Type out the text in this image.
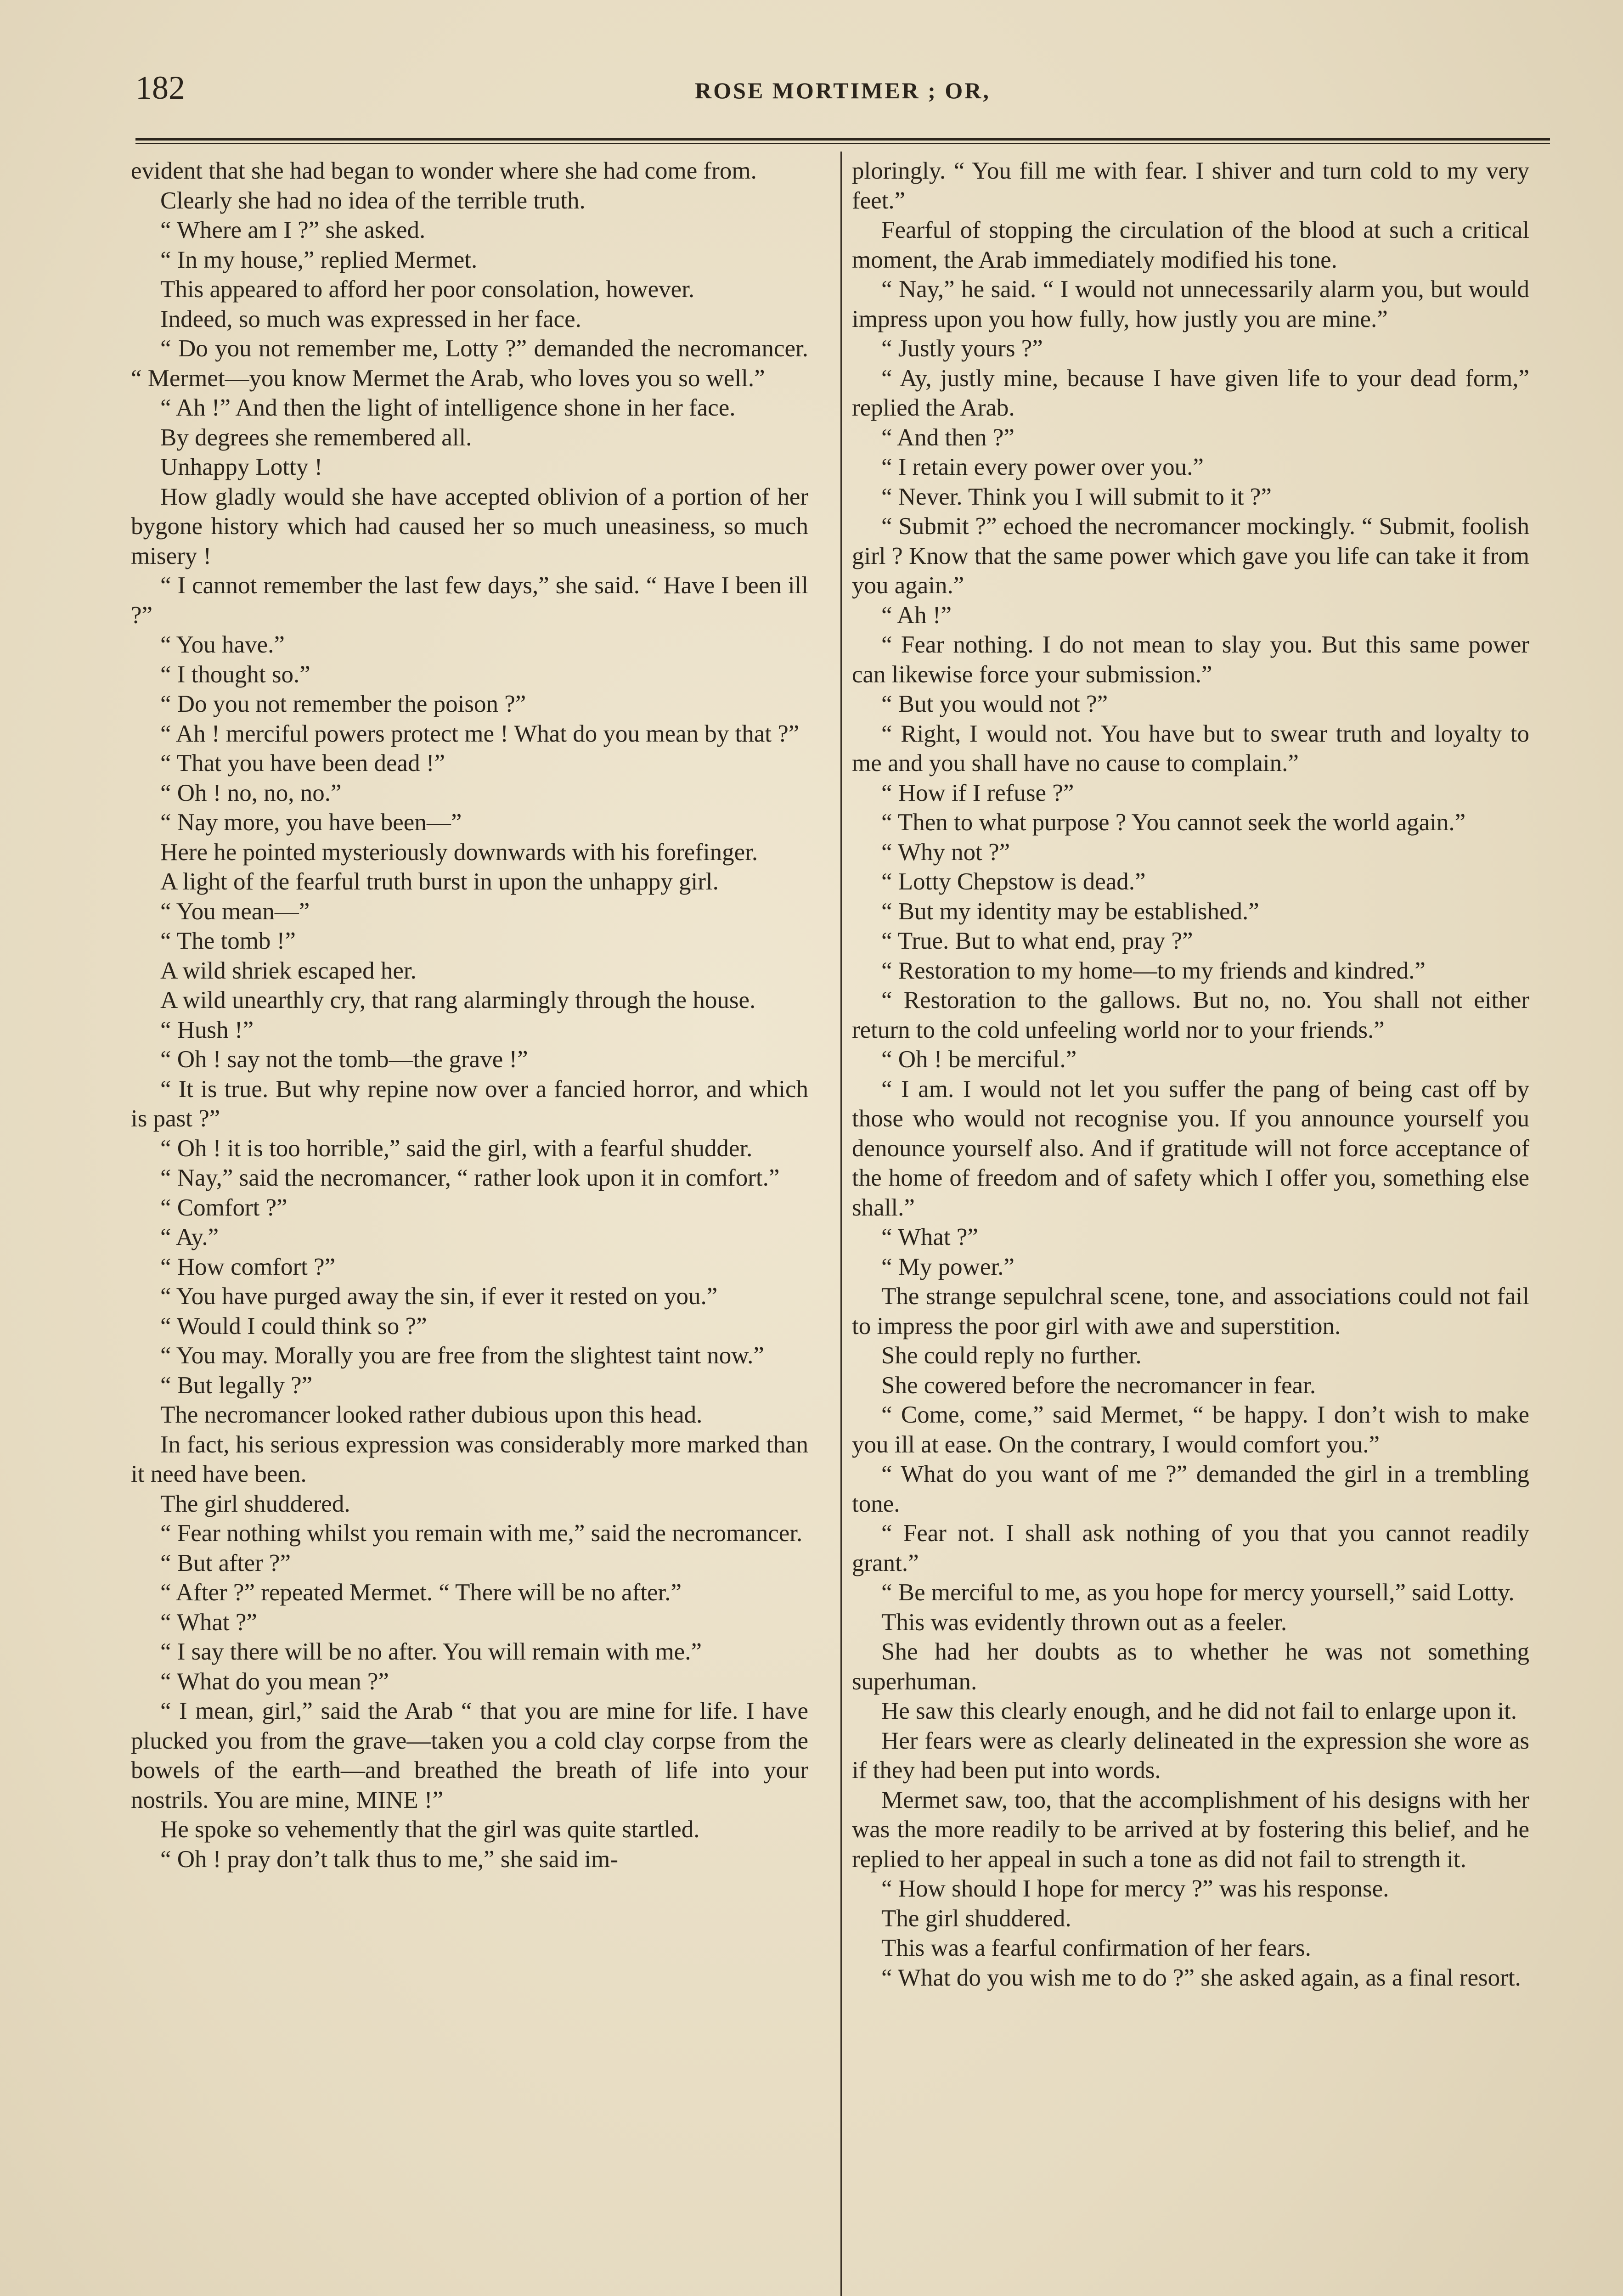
182	ROSE MORTIMER ; OR,

evident that she had began to wonder where she had come from.

Clearly she had no idea of the terrible truth.

“ Where am I ?” she asked.

“ In my house,” replied Mermet.

This appeared to afford her poor consolation, however.

Indeed, so much was expressed in her face.

“ Do you not remember me, Lotty ?” demanded the necromancer. “ Mermet—you know Mermet the Arab, who loves you so well.”

“ Ah !” And then the light of intelligence shone in her face.

By degrees she remembered all.

Unhappy Lotty !

How gladly would she have accepted oblivion of a portion of her bygone history which had caused her so much uneasiness, so much misery !

“ I cannot remember the last few days,” she said. “ Have I been ill ?”

“ You have.”

“ I thought so.”

“ Do you not remember the poison ?”

“ Ah ! merciful powers protect me ! What do you mean by that ?”

“ That you have been dead !”

“ Oh ! no, no, no.”

“ Nay more, you have been—”

Here he pointed mysteriously downwards with his forefinger.

A light of the fearful truth burst in upon the unhappy girl.

“ You mean—”

“ The tomb !”

A wild shriek escaped her.

A wild unearthly cry, that rang alarmingly through the house.

“ Hush !”

“ Oh ! say not the tomb—the grave !”

“ It is true. But why repine now over a fancied horror, and which is past ?”

“ Oh ! it is too horrible,” said the girl, with a fearful shudder.

“ Nay,” said the necromancer, “ rather look upon it in comfort.”

“ Comfort ?”

“ Ay.”

“ How comfort ?”

“ You have purged away the sin, if ever it rested on you.”

“ Would I could think so ?”

“ You may. Morally you are free from the slightest taint now.”

“ But legally ?”

The necromancer looked rather dubious upon this head.

In fact, his serious expression was considerably more marked than it need have been.

The girl shuddered.

“ Fear nothing whilst you remain with me,” said the necromancer.

“ But after ?”

“ After ?” repeated Mermet. “ There will be no after.”

“ What ?”

“ I say there will be no after. You will remain with me.”

“ What do you mean ?”

“ I mean, girl,” said the Arab “ that you are mine for life. I have plucked you from the grave—taken you a cold clay corpse from the bowels of the earth—and breathed the breath of life into your nostrils. You are mine, MINE !”

He spoke so vehemently that the girl was quite startled.

“ Oh ! pray don’t talk thus to me,” she said im-

ploringly. “ You fill me with fear. I shiver and turn cold to my very feet.”

Fearful of stopping the circulation of the blood at such a critical moment, the Arab immediately modified his tone.

“ Nay,” he said. “ I would not unnecessarily alarm you, but would impress upon you how fully, how justly you are mine.”

“ Justly yours ?”

“ Ay, justly mine, because I have given life to your dead form,” replied the Arab.

“ And then ?”

“ I retain every power over you.”

“ Never. Think you I will submit to it ?”

“ Submit ?” echoed the necromancer mockingly. “ Submit, foolish girl ? Know that the same power which gave you life can take it from you again.”

“ Ah !”

“ Fear nothing. I do not mean to slay you. But this same power can likewise force your submission.”

“ But you would not ?”

“ Right, I would not. You have but to swear truth and loyalty to me and you shall have no cause to complain.”

“ How if I refuse ?”

“ Then to what purpose ? You cannot seek the world again.”

“ Why not ?”

“ Lotty Chepstow is dead.”

“ But my identity may be established.”

“ True. But to what end, pray ?”

“ Restoration to my home—to my friends and kindred.”

“ Restoration to the gallows. But no, no. You shall not either return to the cold unfeeling world nor to your friends.”

“ Oh ! be merciful.”

“ I am. I would not let you suffer the pang of being cast off by those who would not recognise you. If you announce yourself you denounce yourself also. And if gratitude will not force acceptance of the home of freedom and of safety which I offer you, something else shall.”

“ What ?”

“ My power.”

The strange sepulchral scene, tone, and associations could not fail to impress the poor girl with awe and superstition.

She could reply no further.

She cowered before the necromancer in fear.

“ Come, come,” said Mermet, “ be happy. I don’t wish to make you ill at ease. On the contrary, I would comfort you.”

“ What do you want of me ?” demanded the girl in a trembling tone.

“ Fear not. I shall ask nothing of you that you cannot readily grant.”

“ Be merciful to me, as you hope for mercy yoursell,” said Lotty.

This was evidently thrown out as a feeler.

She had her doubts as to whether he was not something superhuman.

He saw this clearly enough, and he did not fail to enlarge upon it.

Her fears were as clearly delineated in the expression she wore as if they had been put into words.

Mermet saw, too, that the accomplishment of his designs with her was the more readily to be arrived at by fostering this belief, and he replied to her appeal in such a tone as did not fail to strength it.

“ How should I hope for mercy ?” was his response.

The girl shuddered.

This was a fearful confirmation of her fears.

“ What do you wish me to do ?” she asked again, as a final resort.
